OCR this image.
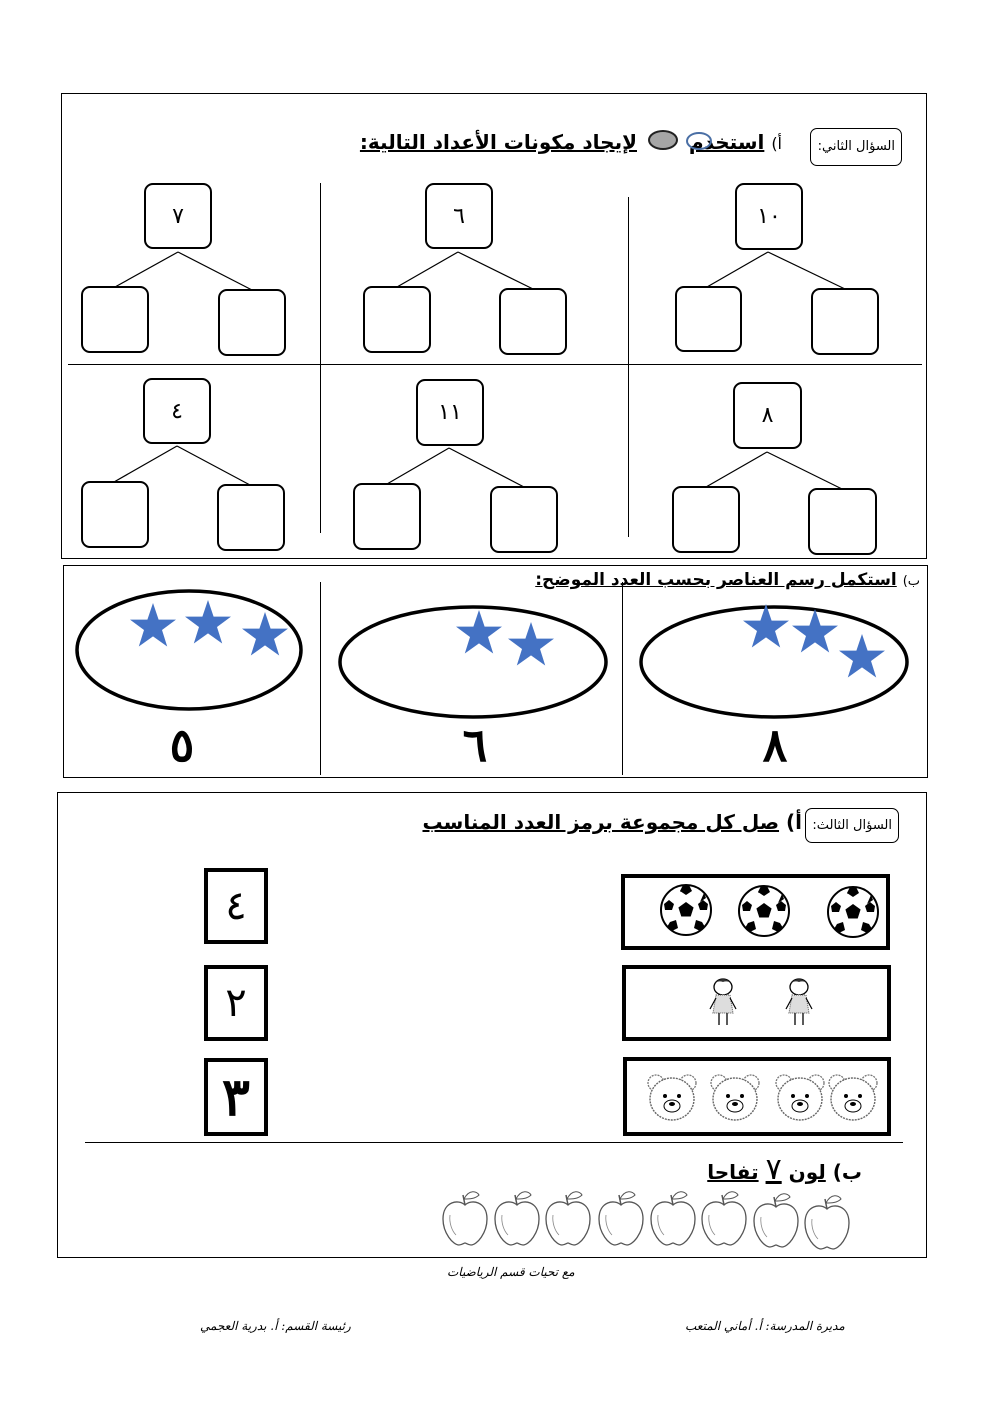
السؤال الثاني:
أ) استخدم
لإيجاد مكونات الأعداد التالية:
١٠
٦
٧
٨
١١
٤
ب) استكمل رسم العناصر بحسب العدد الموضح:
٨
٦
٥
السؤال الثالث:
أ) صل كل مجموعة برمز العدد المناسب
٤
٢
٣
ب) لون ٧ تفاحا
مع تحيات قسم الرياضيات
مديرة المدرسة: أ. أماني المتعب
رئيسة القسم: أ. بدرية العجمي
